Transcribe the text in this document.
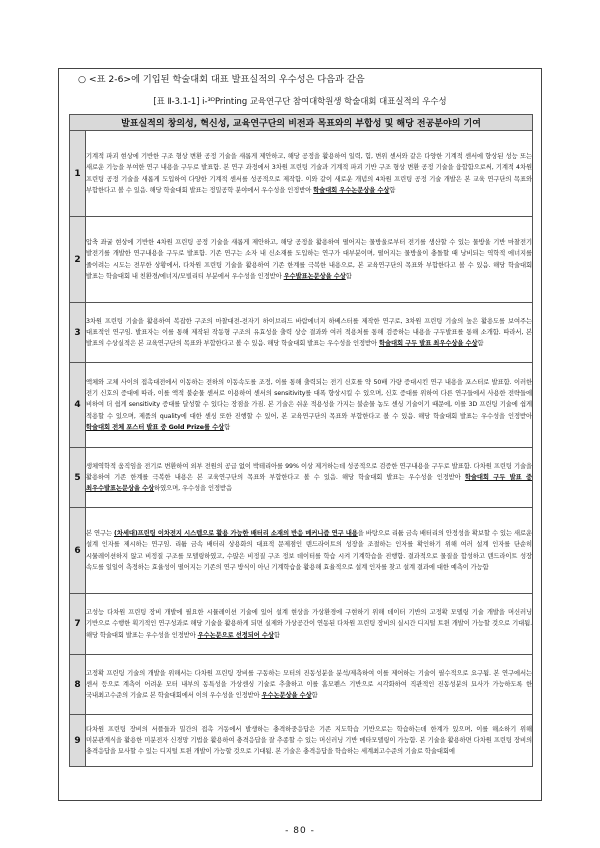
○ <표 2-6>에 기입된 학술대회 대표 발표실적의 우수성은 다음과 같음
[표 Ⅱ-3.1-1] i-³ᴰPrinting 교육연구단 참여대학원생 학술대회 대표실적의 우수성
발표실적의 창의성, 혁신성, 교육연구단의 비전과 목표와의 부합성 및 해당 전공분야의 기여	
1	기계적 파괴 현상에 기반한 구조 형상 변환 공정 기술을 새롭게 제안하고, 해당 공정을 활용하여 일력, 힘, 변위 센서와 같은 다양한 기계적 센서에 향상된 성능 또는 새로운 기능을 부여한 연구 내용을 구두로 발표함. 본 연구 과정에서 3차원 프린팅 기술과 기계적 파괴 기반 구조 형상 변환 공정 기술을 융합함으로써, 기계적 4차원 프린팅 공정 기술을 새롭게 도입하여 다양한 기계적 센서를 성공적으로 제작함. 이와 같이 새로운 개념의 4차원 프린팅 공정 기술 개발은 본 교육 연구단의 목표와 부합한다고 볼 수 있음. 해당 학술대회 발표는 정밀공학 분야에서 우수성을 인정받아 학술대회 우수논문상을 수상함
2	압축 좌굴 현상에 기반한 4차원 프린팅 공정 기술을 새롭게 제안하고, 해당 공정을 활용하여 떨어지는 물방울로부터 전기를 생산할 수 있는 물방울 기반 마찰전기 발전기를 개발한 연구내용을 구두로 발표함. 기존 연구는 소자 내 신소재를 도입하는 연구가 대부분이며, 떨어지는 물방울이 충돌할 때 낭비되는 역학적 에너지를 줄이려는 시도는 전무한 상황에서, 다차원 프린팅 기술을 활용하여 기존 한계를 극복한 내용으로, 본 교육연구단의 목표와 부합한다고 볼 수 있음. 해당 학술대회 발표는 학술대회 내 친환경/에너지/모빌리티 부분에서 우수성을 인정받아 우수발표논문상을 수상함
3	3차원 프린팅 기술을 활용하여 복잡한 구조의 마찰대전-전자기 하이브리드 바람에너지 하베스터를 제작한 연구로, 3차원 프린팅 기술의 높은 활용도를 보여주는 대표적인 연구임. 발표자는 이를 통해 제작된 작동형 구조의 유효성을 출력 상승 결과와 여러 적용처를 통해 검증하는 내용을 구두발표를 통해 소개함. 따라서, 본 발표의 수상실적은 본 교육연구단의 목표와 부합한다고 볼 수 있음. 해당 학술대회 발표는 우수성을 인정받아 학술대회 구두 발표 최우수상을 수상함
4	액체와 고체 사이의 접촉대전에서 이동하는 전하의 이동속도를 조정, 이를 통해 출력되는 전기 신호를 약 50배 가량 증대시킨 연구 내용을 포스터로 발표함. 이러한 전기 신호의 증대에 따라, 이를 액적 불순물 센서로 이용하여 센서의 sensitivity를 대폭 향상시킬 수 있으며, 신호 증대를 위하여 다른 연구들에서 사용한 전략들에 비하여 더 쉽게 sensitivity 증대를 달성할 수 있다는 장점을 가짐. 본 기술은 쉬운 적용성을 가지는 불순물 농도 센싱 기술이기 때문에, 이를 3D 프린팅 기술에 쉽게 적용할 수 있으며, 제품의 quality에 대한 센싱 또한 진행할 수 있어, 본 교육연구단의 목표와 부합한다고 볼 수 있음. 해당 학술대회 발표는 우수성을 인정받아 학술대회 전체 포스터 발표 중 Gold Prize를 수상함
5	생체역학적 움직임을 전기로 변환하여 외부 전원의 공급 없이 박테리아를 99% 이상 제거하는데 성공적으로 검증한 연구내용을 구두로 발표함. 다차원 프린팅 기술을 활용하여 기존 한계를 극복한 내용은 본 교육연구단의 목표와 부합한다고 볼 수 있음. 해당 학술대회 발표는 우수성을 인정받아 학술대회 구두 발표 중 최우수발표논문상을 수상하였으며, 우수성을 인정받음
6	본 연구는 (차세대)프린팅 이차전지 시스템으로 활용 가능한 배터리 소재의 반응 메커니즘 연구 내용을 바탕으로 리튬 금속 배터리의 안정성을 확보할 수 있는 새로운 설계 인자를 제시하는 연구임. 리튬 금속 배터리 상용화의 대표적 문제점인 덴드라이트의 성장을 조절하는 인자를 확인하기 위해 여러 설계 인자를 단순히 시뮬레이션하지 않고 비정질 구조를 모델링하였고, 수많은 비정질 구조 정보 데이터를 학습 시켜 기계학습을 진행함. 결과적으로 물질을 합성하고 덴드라이트 성장 속도를 일일이 측정하는 효율성이 떨어지는 기존의 연구 방식이 아닌 기계학습을 활용해 효율적으로 설계 인자를 찾고 설계 결과에 대한 예측이 가능함
7	고성능 다차원 프린팅 장비 개발에 필요한 시뮬레이션 기술에 있어 설계 현상을 가상환경에 구현하기 위해 데이터 기반의 고정확 모델링 기술 개발을 머신러닝 기반으로 수행한 획기적인 연구성과로 해당 기술을 활용하게 되면 실제와 가상공간이 연동된 다차원 프린팅 장비의 실시간 디지털 트윈 개발이 가능할 것으로 기대됨. 해당 학술대회 발표는 우수성을 인정받아 우수논문으로 선정되어 수상함
8	고정확 프린팅 기술의 개발을 위해서는 다차원 프린팅 장비를 구동하는 모터의 진동성분을 분석/제측하여 이를 제어하는 기술이 필수적으로 요구됨. 본 연구에서는 센서 등으로 계측이 어려운 모터 내부의 동특성을 가상센싱 기술로 추출하고 이를 홈모펜스 기반으로 시각화하여 직관적인 진동성분의 묘사가 가능하도록 한 국내최고수준의 기술로 본 학술대회에서 이의 우수성을 인정받아 우수논문상을 수상함
9	다차원 프린팅 장비의 서플들과 밀간의 접촉 거동에서 발생하는 충격하중응답은 기존 지도학습 기반으로는 학습하는데 한계가 있으며, 이를 해소하기 위해 미분관계식을 활용한 미분전자 신경망 기법을 활용하여 충격응답을 잘 추종할 수 있는 머신러닝 기반 메타모델링이 가능함. 본 기술을 활용하면 다차원 프린팅 장비의 충격응답을 묘사할 수 있는 디지털 트윈 개발이 가능할 것으로 기대됨. 본 기술은 충격응답을 학습하는 세계최고수준의 기술로 학술대회에
- 80 -
